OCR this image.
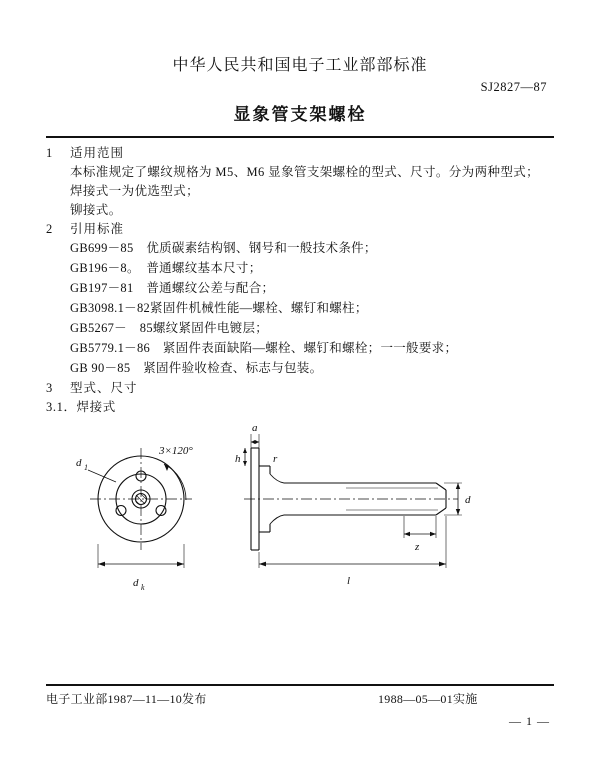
中华人民共和国电子工业部部标准
SJ2827—87
显象管支架螺栓
1 适用范围
本标准规定了螺纹规格为 M5、M6 显象管支架螺栓的型式、尺寸。分为两种型式；
焊接式一为优选型式；
铆接式。
2 引用标准
GB699－85　优质碳素结构钢、钢号和一般技术条件；
GB196－8。　普通螺纹基本尺寸；
GB197－81　普通螺纹公差与配合；
GB3098.1－82紧固件机械性能—螺栓、螺钉和螺柱；
GB5267－　85螺纹紧固件电镀层；
GB5779.1－86　紧固件表面缺陷—螺栓、螺钉和螺栓；一一般要求；
GB 90－85　紧固件验收检查、标志与包装。
3 型式、尺寸
3.1．焊接式
3×120°
d 1
d k
a
h	r
z
l
d
电子工业部1987—11—10发布	1988—05—01实施
— 1 —
